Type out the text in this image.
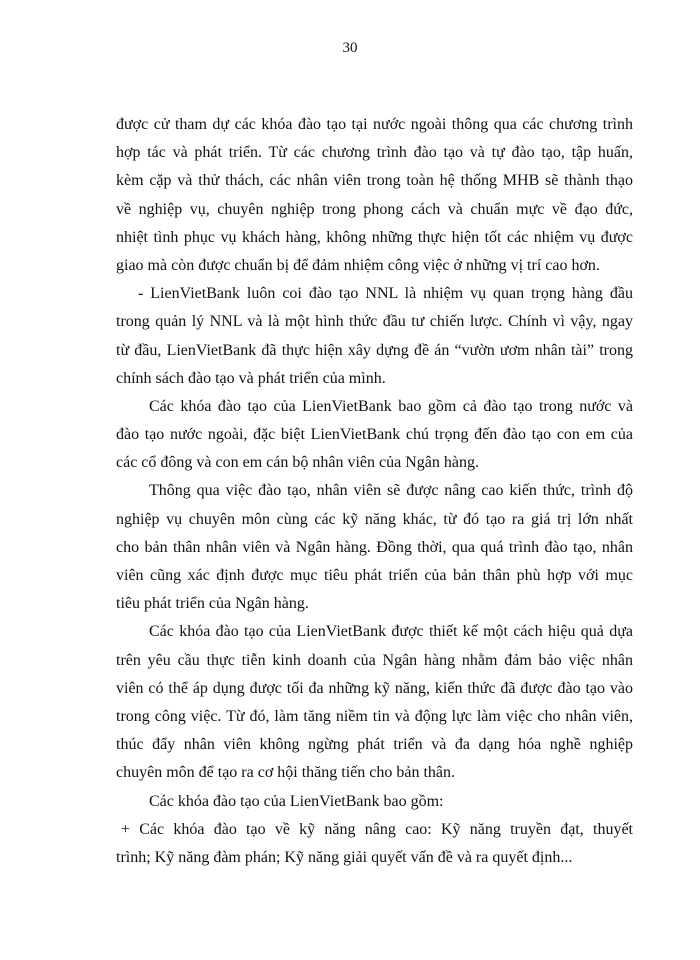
30
được cử tham dự các khóa đào tạo tại nước ngoài thông qua các chương trình
hợp tác và phát triển. Từ các chương trình đào tạo và tự đào tạo, tập huấn,
kèm cặp và thử thách, các nhân viên trong toàn hệ thống MHB sẽ thành thạo
về nghiệp vụ, chuyên nghiệp trong phong cách và chuẩn mực về đạo đức,
nhiệt tình phục vụ khách hàng, không những thực hiện tốt các nhiệm vụ được
giao mà còn được chuẩn bị để đảm nhiệm công việc ở những vị trí cao hơn.
- LienVietBank luôn coi đào tạo NNL là nhiệm vụ quan trọng hàng đầu
trong quản lý NNL và là một hình thức đầu tư chiến lược. Chính vì vậy, ngay
từ đầu, LienVietBank đã thực hiện xây dựng đề án “vườn ươm nhân tài” trong
chính sách đào tạo và phát triển của mình.
Các khóa đào tạo của LienVietBank bao gồm cả đào tạo trong nước và
đào tạo nước ngoài, đặc biệt LienVietBank chú trọng đến đào tạo con em của
các cổ đông và con em cán bộ nhân viên của Ngân hàng.
Thông qua việc đào tạo, nhân viên sẽ được nâng cao kiến thức, trình độ
nghiệp vụ chuyên môn cùng các kỹ năng khác, từ đó tạo ra giá trị lớn nhất
cho bản thân nhân viên và Ngân hàng. Đồng thời, qua quá trình đào tạo, nhân
viên cũng xác định được mục tiêu phát triển của bản thân phù hợp với mục
tiêu phát triển của Ngân hàng.
Các khóa đào tạo của LienVietBank được thiết kế một cách hiệu quả dựa
trên yêu cầu thực tiễn kinh doanh của Ngân hàng nhằm đảm bảo việc nhân
viên có thể áp dụng được tối đa những kỹ năng, kiến thức đã được đào tạo vào
trong công việc. Từ đó, làm tăng niềm tin và động lực làm việc cho nhân viên,
thúc đẩy nhân viên không ngừng phát triển và đa dạng hóa nghề nghiệp
chuyên môn để tạo ra cơ hội thăng tiến cho bản thân.
Các khóa đào tạo của LienVietBank bao gồm:
+ Các khóa đào tạo về kỹ năng nâng cao: Kỹ năng truyền đạt, thuyết
trình; Kỹ năng đàm phán; Kỹ năng giải quyết vấn đề và ra quyết định...
